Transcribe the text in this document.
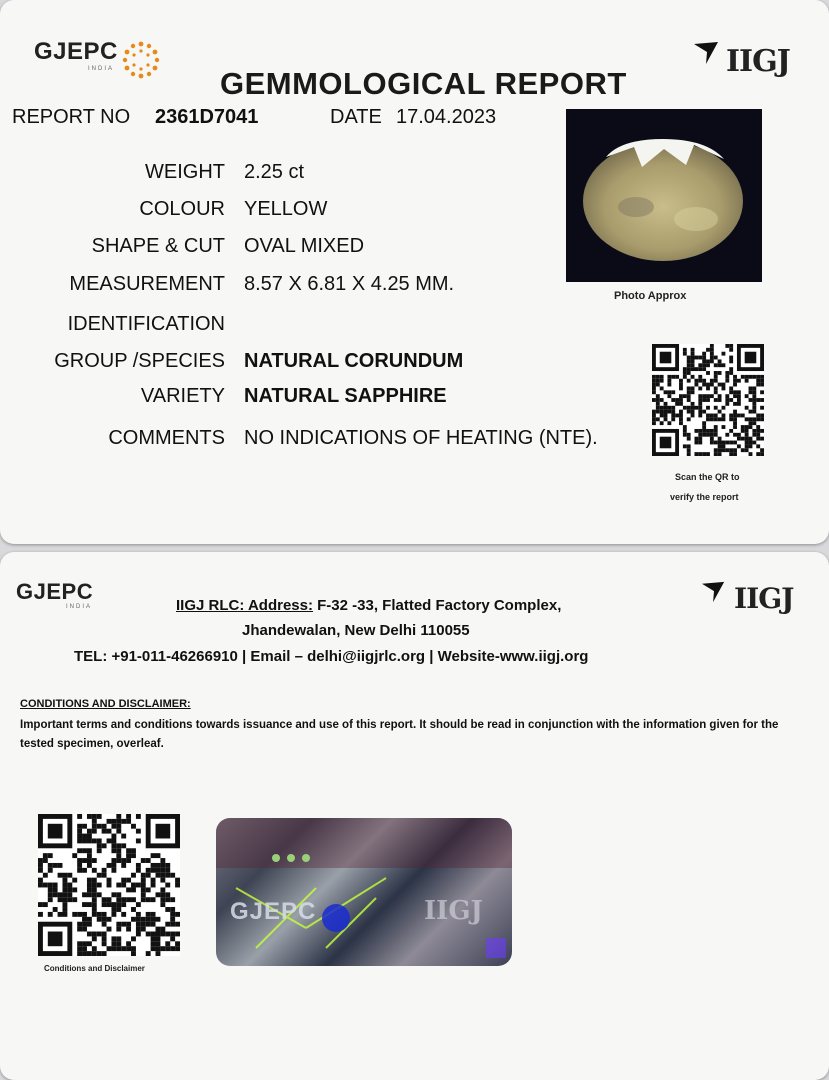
GJEPC
INDIA	IIGJ
GEMMOLOGICAL REPORT
REPORT NO 2361D7041	DATE 17.04.2023
WEIGHT 2.25 ct
COLOUR YELLOW
SHAPE & CUT OVAL MIXED
MEASUREMENT 8.57 X 6.81 X 4.25 MM.
IDENTIFICATION
GROUP /SPECIES NATURAL CORUNDUM
VARIETY NATURAL SAPPHIRE
COMMENTS NO INDICATIONS OF HEATING (NTE).
Photo Approx
Scan the QR to
verify the report
GJEPC
INDIA	IIGJ
IIGJ RLC: Address: F-32 -33, Flatted Factory Complex,
Jhandewalan, New Delhi 110055
TEL: +91-011-46266910 | Email – delhi@iigjrlc.org | Website-www.iigj.org
CONDITIONS AND DISCLAIMER:
Important terms and conditions towards issuance and use of this report. It should be read in conjunction with the information given for the tested specimen, overleaf.
Conditions and Disclaimer
GJEPC	IIGJ
